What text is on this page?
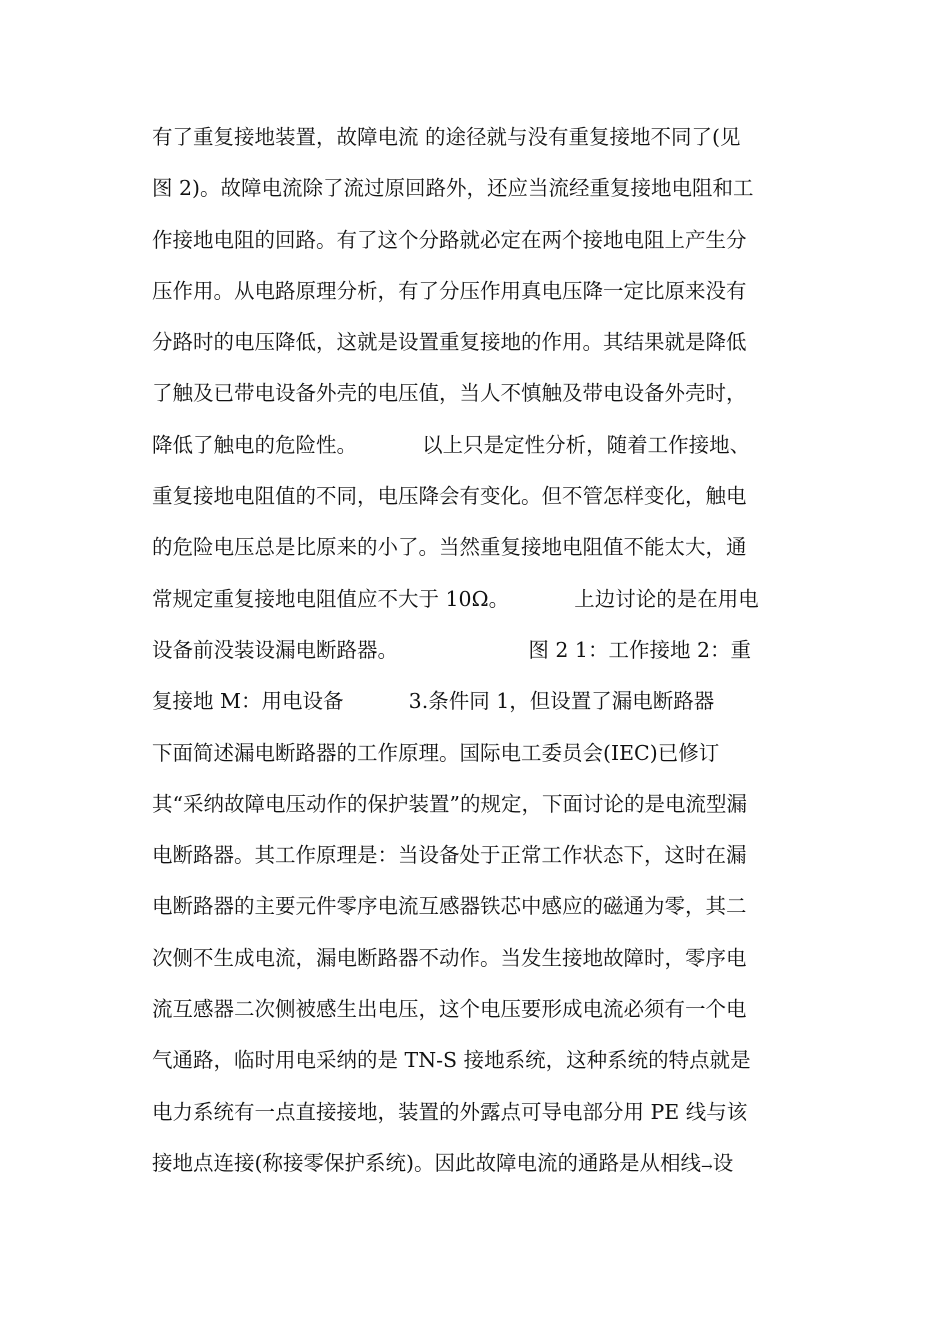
有了重复接地装置，故障电流 的途径就与没有重复接地不同了(见
图 2)。故障电流除了流过原回路外，还应当流经重复接地电阻和工
作接地电阻的回路。有了这个分路就必定在两个接地电阻上产生分
压作用。从电路原理分析，有了分压作用真电压降一定比原来没有
分路时的电压降低，这就是设置重复接地的作用。其结果就是降低
了触及已带电设备外壳的电压值，当人不慎触及带电设备外壳时，
降低了触电的危险性。          以上只是定性分析，随着工作接地、
重复接地电阻值的不同，电压降会有变化。但不管怎样变化，触电
的危险电压总是比原来的小了。当然重复接地电阻值不能太大，通
常规定重复接地电阻值应不大于 10Ω。          上边讨论的是在用电
设备前没装设漏电断路器。                    图 2 1：工作接地 2：重
复接地 M：用电设备          3.条件同 1，但设置了漏电断路器
下面简述漏电断路器的工作原理。国际电工委员会(IEC)已修订
其“采纳故障电压动作的保护装置”的规定，下面讨论的是电流型漏
电断路器。其工作原理是：当设备处于正常工作状态下，这时在漏
电断路器的主要元件零序电流互感器铁芯中感应的磁通为零，其二
次侧不生成电流，漏电断路器不动作。当发生接地故障时，零序电
流互感器二次侧被感生出电压，这个电压要形成电流必须有一个电
气通路，临时用电采纳的是 TN-S 接地系统，这种系统的特点就是
电力系统有一点直接接地，装置的外露点可导电部分用 PE 线与该
接地点连接(称接零保护系统)。因此故障电流的通路是从相线→设
